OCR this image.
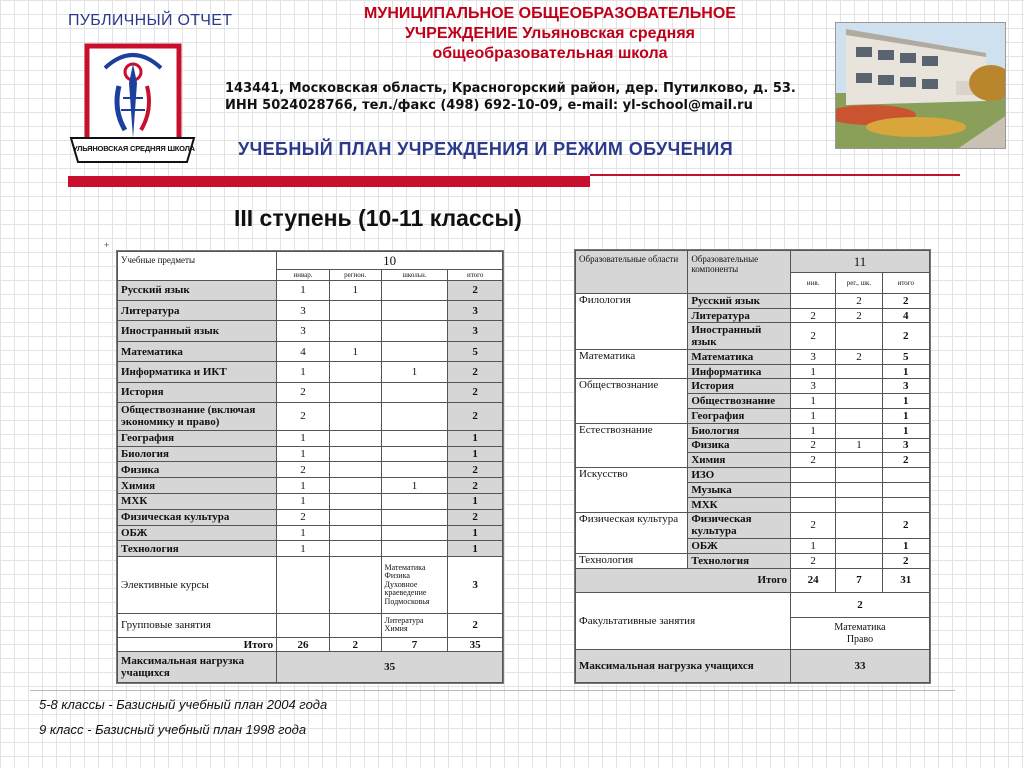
ПУБЛИЧНЫЙ ОТЧЕТ
УЛЬЯНОВСКАЯ СРЕДНЯЯ ШКОЛА
МУНИЦИПАЛЬНОЕ ОБЩЕОБРАЗОВАТЕЛЬНОЕ
УЧРЕЖДЕНИЕ Ульяновская средняя
общеобразовательная школа
143441, Московская область, Красногорский район, дер. Путилково, д. 53.
ИНН 5024028766, тел./факс (498) 692-10-09, e-mail: yl-school@mail.ru
УЧЕБНЫЙ ПЛАН УЧРЕЖДЕНИЯ И РЕЖИМ ОБУЧЕНИЯ
III ступень (10-11 классы)
+
Учебные предметы	10			
	инвар.	регион.	школьн.	итого
Русский язык	1	1		2
Литература	3			3
Иностранный язык	3			3
Математика	4	1		5
Информатика и ИКТ	1		1	2
История	2			2
Обществознание (включая экономику и право)	2			2
География	1			1
Биология	1			1
Физика	2			2
Химия	1		1	2
МХК	1			1
Физическая культура	2			2
ОБЖ	1			1
Технология	1			1
Элективные курсы			Математика
Физика
Духовное
краеведение
Подмосковья	3
Групповые занятия			Литература
Химия	2
Итого	26	2	7	35
Максимальная нагрузка учащихся	35			
Образовательные области	Образовательные компоненты	11		
		инв.	рег., шк.	итого
Филология	Русский язык		2	2
	Литература	2	2	4
	Иностранный язык	2		2
Математика	Математика	3	2	5
	Информатика	1		1
Обществознание	История	3		3
	Обществознание	1		1
	География	1		1
Естествознание	Биология	1		1
	Физика	2	1	3
	Химия	2		2
Искусство	ИЗО			
	Музыка			
	МХК			
Физическая культура	Физическая культура	2		2
	ОБЖ	1		1
Технология	Технология	2		2
Итого		24	7	31
Факультативные занятия		2		

		Математика
Право		

Максимальная нагрузка учащихся		33		
5-8 классы - Базисный учебный план 2004 года
9 класс - Базисный учебный план 1998 года
